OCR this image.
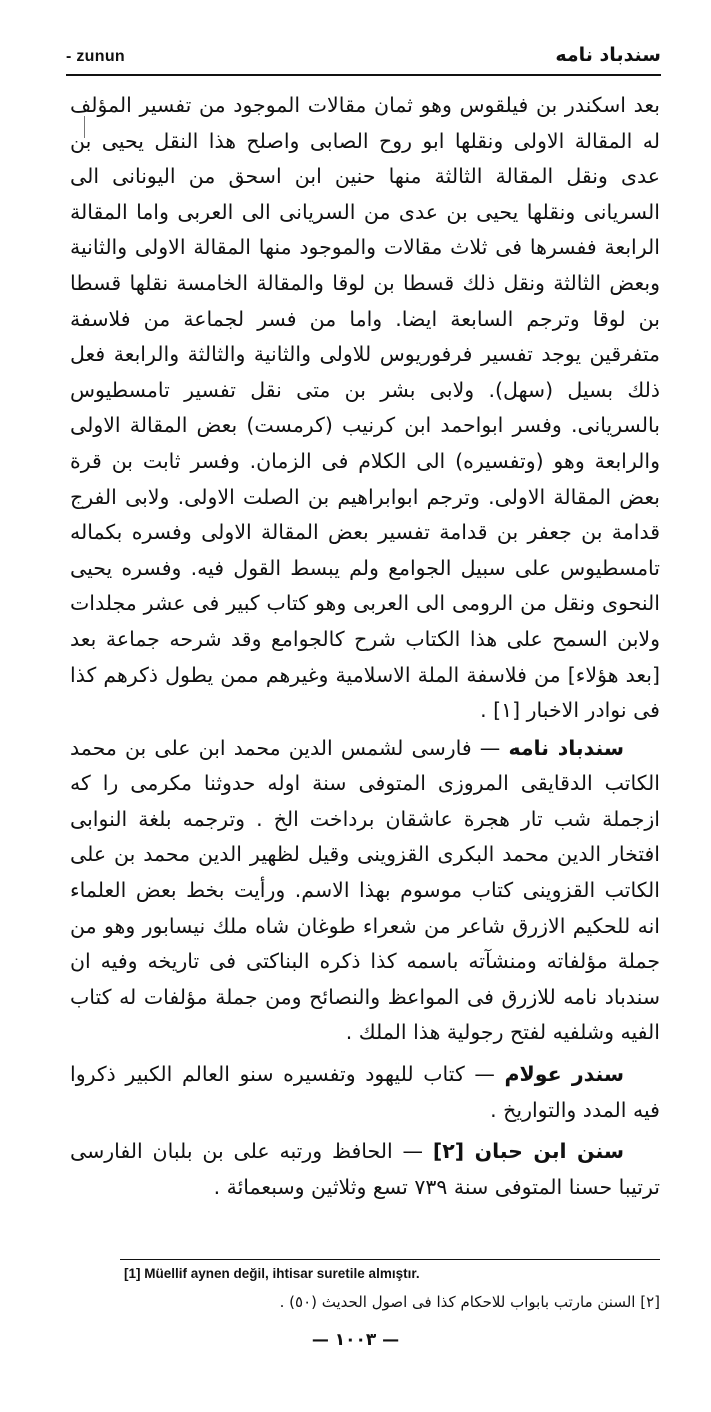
- zunun	سندباد نامه

بعد اسكندر بن فيلقوس وهو ثمان مقالات الموجود من تفسير المؤلف له المقالة الاولى ونقلها ابو روح الصابى واصلح هذا النقل يحيى بن عدى ونقل المقالة الثالثة منها حنين ابن اسحق من اليونانى الى السريانى ونقلها يحيى بن عدى من السريانى الى العربى واما المقالة الرابعة ففسرها فى ثلاث مقالات والموجود منها المقالة الاولى والثانية وبعض الثالثة ونقل ذلك قسطا بن لوقا والمقالة الخامسة نقلها قسطا بن لوقا وترجم السابعة ايضا. واما من فسر لجماعة من فلاسفة متفرقين يوجد تفسير فرفوريوس للاولى والثانية والثالثة والرابعة فعل ذلك بسيل (سهل). ولابى بشر بن متى نقل تفسير تامسطيوس بالسريانى. وفسر ابواحمد ابن كرنيب (كرمست) بعض المقالة الاولى والرابعة وهو (وتفسيره) الى الكلام فى الزمان. وفسر ثابت بن قرة بعض المقالة الاولى. وترجم ابوابراهيم بن الصلت الاولى. ولابى الفرج قدامة بن جعفر بن قدامة تفسير بعض المقالة الاولى وفسره بكماله تامسطيوس على سبيل الجوامع ولم يبسط القول فيه. وفسره يحيى النحوى ونقل من الرومى الى العربى وهو كتاب كبير فى عشر مجلدات ولابن السمح على هذا الكتاب شرح كالجوامع وقد شرحه جماعة بعد [بعد هؤلاء] من فلاسفة الملة الاسلامية وغيرهم ممن يطول ذكرهم كذا فى نوادر الاخبار [١] .

سندباد نامه — فارسى لشمس الدين محمد ابن على بن محمد الكاتب الدقايقى المروزى المتوفى سنة اوله حدوثنا مكرمى را كه ازجملة شب تار هجرة عاشقان برداخت الخ . وترجمه بلغة النوابى افتخار الدين محمد البكرى القزوينى وقيل لظهير الدين محمد بن على الكاتب القزوينى كتاب موسوم بهذا الاسم. ورأيت بخط بعض العلماء انه للحكيم الازرق شاعر من شعراء طوغان شاه ملك نيسابور وهو من جملة مؤلفاته ومنشآته باسمه كذا ذكره البناكتى فى تاريخه وفيه ان سندباد نامه للازرق فى المواعظ والنصائح ومن جملة مؤلفات له كتاب الفيه وشلفيه لفتح رجولية هذا الملك .

سندر عولام — كتاب لليهود وتفسيره سنو العالم الكبير ذكروا فيه المدد والتواريخ .

سنن ابن حبان [٢] — الحافظ ورتبه على بن بلبان الفارسى ترتيبا حسنا المتوفى سنة ٧٣٩ تسع وثلاثين وسبعمائة .

[1] Müellif aynen değil, ihtisar suretile almıştır.
[٢] السنن مارتب بابواب للاحكام كذا فى اصول الحديث (٥٠) .
— ١٠٠٣ —
